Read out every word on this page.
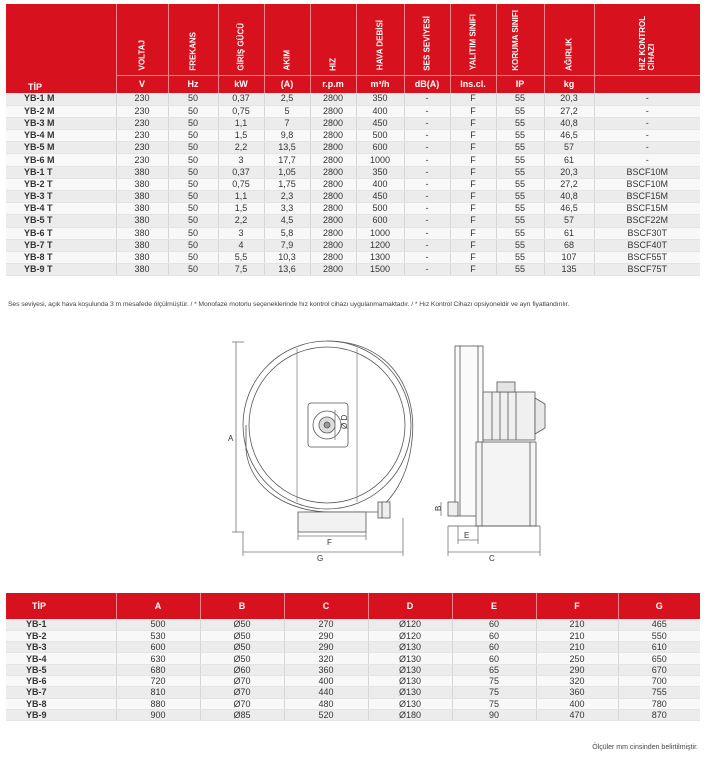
TİP	VOLTAJ	FREKANS	GİRİŞ GÜCÜ	AKIM	HIZ	HAVA DEBİSİ	SES SEVİYESİ	YALITIM SINIFI	KORUMA SINIFI	AĞIRLIK	HIZ KONTROL CİHAZI

	V	Hz	kW	(A)	r.p.m	m³/h	dB(A)	Ins.cl.	IP	kg	
YB-1 M	230	50	0,37	2,5	2800	350	-	F	55	20,3	-
YB-2 M	230	50	0,75	5	2800	400	-	F	55	27,2	-
YB-3 M	230	50	1,1	7	2800	450	-	F	55	40,8	-
YB-4 M	230	50	1,5	9,8	2800	500	-	F	55	46,5	-
YB-5 M	230	50	2,2	13,5	2800	600	-	F	55	57	-
YB-6 M	230	50	3	17,7	2800	1000	-	F	55	61	-
YB-1 T	380	50	0,37	1,05	2800	350	-	F	55	20,3	BSCF10M
YB-2 T	380	50	0,75	1,75	2800	400	-	F	55	27,2	BSCF10M
YB-3 T	380	50	1,1	2,3	2800	450	-	F	55	40,8	BSCF15M
YB-4 T	380	50	1,5	3,3	2800	500	-	F	55	46,5	BSCF15M
YB-5 T	380	50	2,2	4,5	2800	600	-	F	55	57	BSCF22M
YB-6 T	380	50	3	5,8	2800	1000	-	F	55	61	BSCF30T
YB-7 T	380	50	4	7,9	2800	1200	-	F	55	68	BSCF40T
YB-8 T	380	50	5,5	10,3	2800	1300	-	F	55	107	BSCF55T
YB-9 T	380	50	7,5	13,6	2800	1500	-	F	55	135	BSCF75T
Ses seviyesi, açık hava koşulunda 3 m mesafede ölçülmüştür. / * Monofaze motorlu seçeneklerinde hız kontrol cihazı uygulanmamaktadır. / * Hız Kontrol Cihazı opsiyoneldir ve ayrı fiyatlandırılır.
A
F
G
Ø D
B
E
C
TİP	A	B	C	D	E	F	G
YB-1	500	Ø50	270	Ø120	60	210	465
YB-2	530	Ø50	290	Ø120	60	210	550
YB-3	600	Ø50	290	Ø130	60	210	610
YB-4	630	Ø50	320	Ø130	60	250	650
YB-5	680	Ø60	360	Ø130	65	290	670
YB-6	720	Ø70	400	Ø130	75	320	700
YB-7	810	Ø70	440	Ø130	75	360	755
YB-8	880	Ø70	480	Ø130	75	400	780
YB-9	900	Ø85	520	Ø180	90	470	870
Ölçüler mm cinsinden belirtilmiştir.
